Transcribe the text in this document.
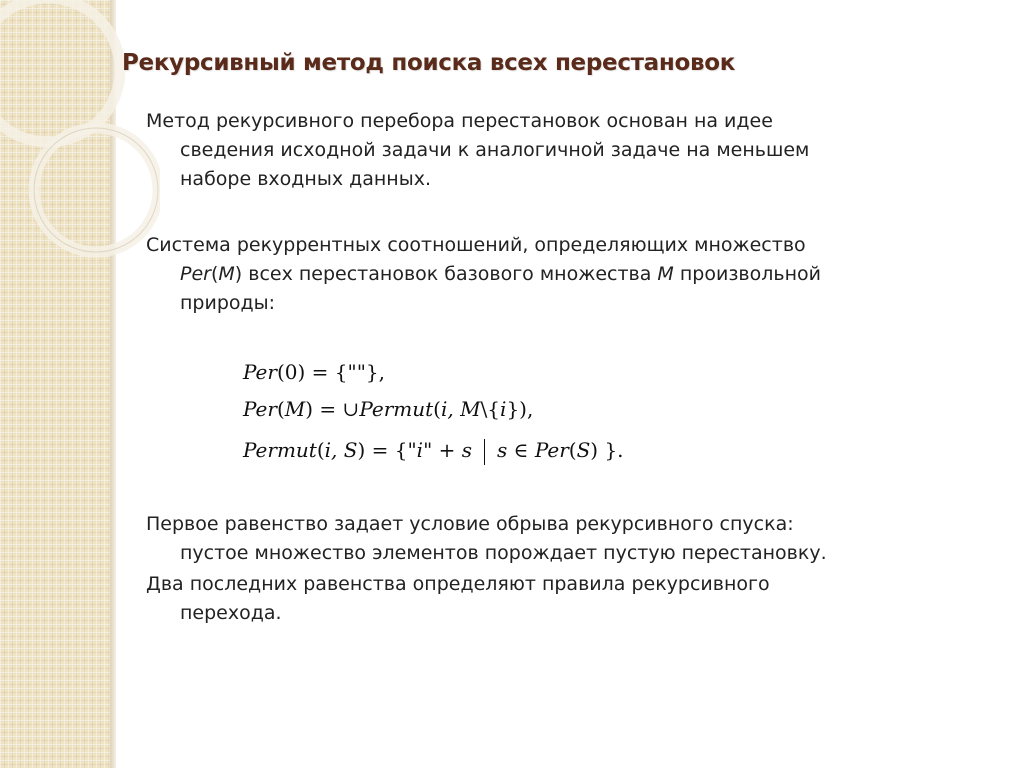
Рекурсивный метод поиска всех перестановок
Метод рекурсивного перебора перестановок основан на идее
сведения исходной задачи к аналогичной задаче на меньшем
наборе входных данных.
Система рекуррентных соотношений, определяющих множество
Per(M) всех перестановок базового множества M произвольной
природы:
Per(0) = {""},
Per(M) = ∪Permut(i, M\{i}),
Permut(i, S) = {"i" + s s ∈ Per(S) }.
Первое равенство задает условие обрыва рекурсивного спуска:
пустое множество элементов порождает пустую перестановку.
Два последних равенства определяют правила рекурсивного
перехода.
